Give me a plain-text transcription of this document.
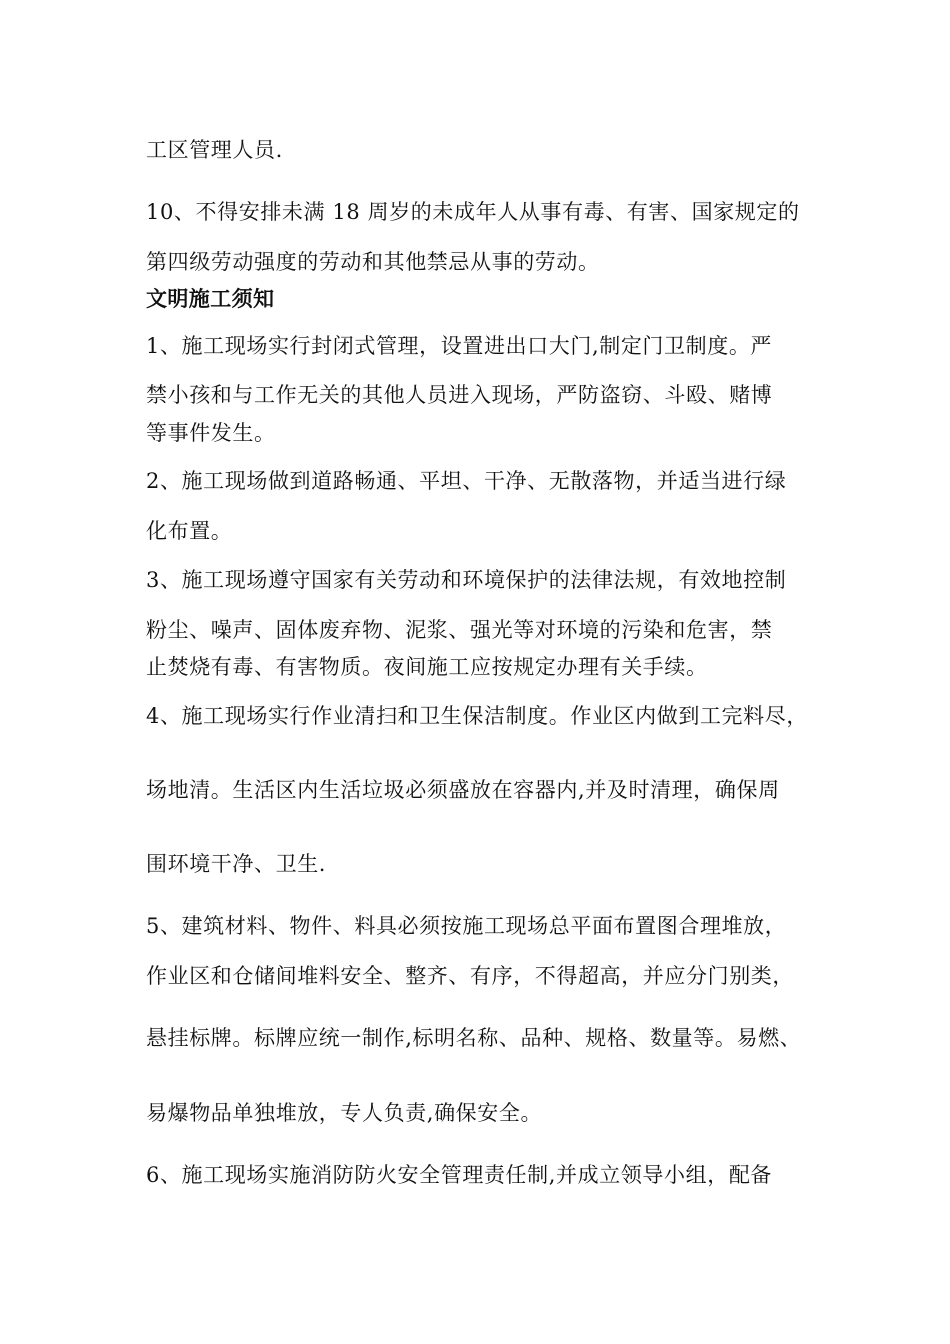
工区管理人员.
10、不得安排未满 18 周岁的未成年人从事有毒、有害、国家规定的
第四级劳动强度的劳动和其他禁忌从事的劳动。
文明施工须知
1、施工现场实行封闭式管理，设置进出口大门,制定门卫制度。严
禁小孩和与工作无关的其他人员进入现场，严防盗窃、斗殴、赌博
等事件发生。
2、施工现场做到道路畅通、平坦、干净、无散落物，并适当进行绿
化布置。
3、施工现场遵守国家有关劳动和环境保护的法律法规，有效地控制
粉尘、噪声、固体废弃物、泥浆、强光等对环境的污染和危害，禁
止焚烧有毒、有害物质。夜间施工应按规定办理有关手续。
4、施工现场实行作业清扫和卫生保洁制度。作业区内做到工完料尽，
场地清。生活区内生活垃圾必须盛放在容器内,并及时清理，确保周
围环境干净、卫生.
5、建筑材料、物件、料具必须按施工现场总平面布置图合理堆放，
作业区和仓储间堆料安全、整齐、有序，不得超高，并应分门别类，
悬挂标牌。标牌应统一制作,标明名称、品种、规格、数量等。易燃、
易爆物品单独堆放，专人负责,确保安全。
6、施工现场实施消防防火安全管理责任制,并成立领导小组，配备
